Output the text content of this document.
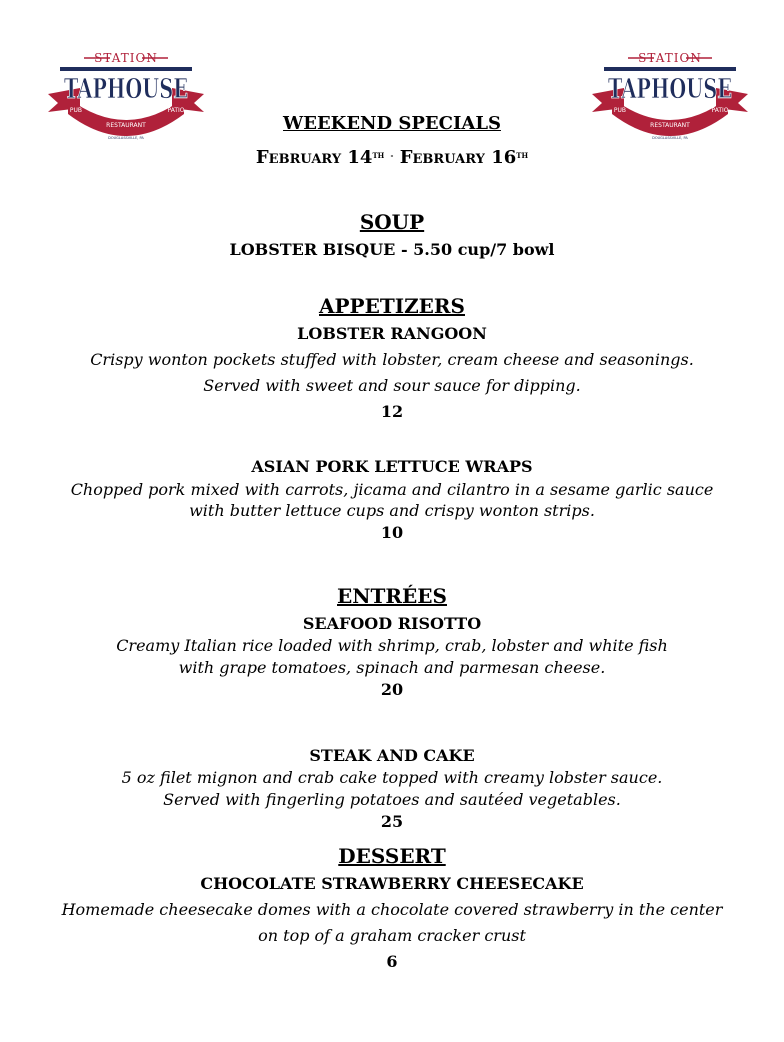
STATION
TAPHOUSE
PUB
RESTAURANT
PATIO
DOUGLASSVILLE, PA
STATION
TAPHOUSE
PUB
RESTAURANT
PATIO
DOUGLASSVILLE, PA

WEEKEND SPECIALS

February 14TH - February 16TH

SOUP

LOBSTER BISQUE - 5.50 cup/7 bowl

APPETIZERS

LOBSTER RANGOON

Crispy wonton pockets stuffed with lobster, cream cheese and seasonings.

Served with sweet and sour sauce for dipping.

12

ASIAN PORK LETTUCE WRAPS

Chopped pork mixed with carrots, jicama and cilantro in a sesame garlic sauce

with butter lettuce cups and crispy wonton strips.

10

ENTRÉES

SEAFOOD RISOTTO

Creamy Italian rice loaded with shrimp, crab, lobster and white fish

with grape tomatoes, spinach and parmesan cheese.

20

STEAK AND CAKE

5 oz filet mignon and crab cake topped with creamy lobster sauce.

Served with fingerling potatoes and sautéed vegetables.

25

DESSERT

CHOCOLATE STRAWBERRY CHEESECAKE

Homemade cheesecake domes with a chocolate covered strawberry in the center

on top of a graham cracker crust

6
